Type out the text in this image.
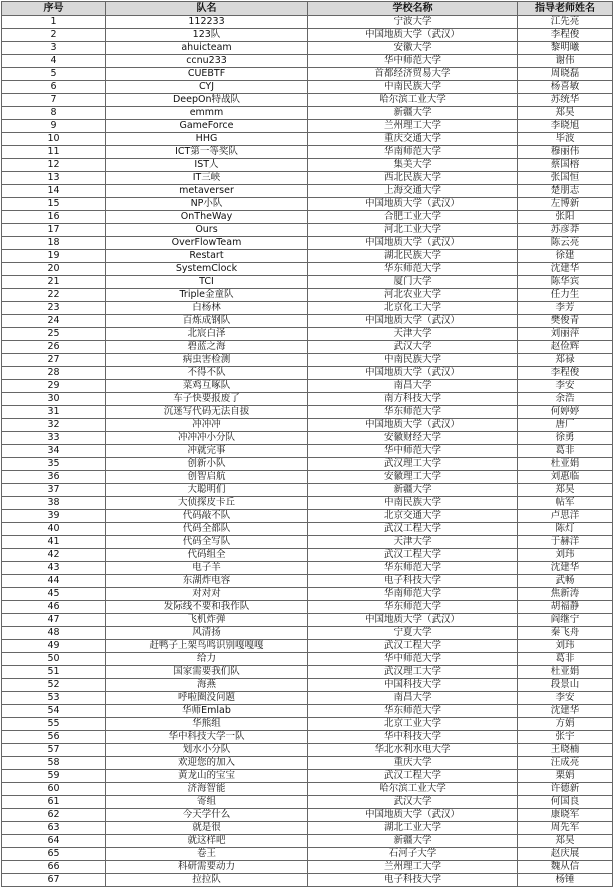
序号	队名	学校名称	指导老师姓名
1	112233	宁波大学	江先亮
2	123队	中国地质大学（武汉）	李程俊
3	ahuicteam	安徽大学	黎明曦
4	ccnu233	华中师范大学	谢伟
5	CUEBTF	首都经济贸易大学	周晓磊
6	CYJ	中南民族大学	杨喜敏
7	DeepOn特战队	哈尔滨工业大学	苏统华
8	emmm	新疆大学	郑昊
9	GameForce	兰州理工大学	李晓旭
10	HHG	重庆交通大学	毕波
11	ICT第一等奖队	华南师范大学	穆丽伟
12	IST人	集美大学	蔡国榕
13	IT三峡	西北民族大学	张国恒
14	metaverser	上海交通大学	楚朋志
15	NP小队	中国地质大学（武汉）	左博新
16	OnTheWay	合肥工业大学	张阳
17	Ours	河北工业大学	苏彦莽
18	OverFlowTeam	中国地质大学（武汉）	陈云亮
19	Restart	湖北民族大学	徐建
20	SystemClock	华东师范大学	沈建华
21	TCI	厦门大学	陈华宾
22	Triple金童队	河北农业大学	任力生
23	白杨林	北京化工大学	李芳
24	百炼成钢队	中国地质大学（武汉）	樊俊青
25	北宸白泽	天津大学	刘丽萍
26	碧蓝之海	武汉大学	赵俭辉
27	病虫害检测	中南民族大学	郑禄
28	不得不队	中国地质大学（武汉）	李程俊
29	菜鸡互啄队	南昌大学	李安
30	车子快要报废了	南方科技大学	余浩
31	沉迷写代码无法自拔	华东师范大学	何婷婷
32	冲冲冲	中国地质大学（武汉）	唐厂
33	冲冲冲小分队	安徽财经大学	徐勇
34	冲就完事	华中师范大学	葛非
35	创新小队	武汉理工大学	杜亚娟
36	创智启航	安徽理工大学	刘惠临
37	大聪明们	新疆大学	郑昊
38	大侦探皮卡丘	中南民族大学	帖军
39	代码敲不队	北京交通大学	卢思洋
40	代码全都队	武汉工程大学	陈灯
41	代码全写队	天津大学	于赫洋
42	代码组全	武汉工程大学	刘玮
43	电子羊	华东师范大学	沈建华
44	东湖炸电容	电子科技大学	武畅
45	对对对	华南师范大学	焦新涛
46	发际线不要和我作队	华东师范大学	胡福静
47	飞机炸弹	中国地质大学（武汉）	阎继宁
48	风清扬	宁夏大学	秦飞舟
49	赶鸭子上架鸟鸣识别嘎嘎嘎	武汉工程大学	刘玮
50	给力	华中师范大学	葛非
51	国家需要我们队	武汉理工大学	杜亚娟
52	海燕	中国科技大学	段景山
53	呼啦圈没问题	南昌大学	李安
54	华师Emlab	华东师范大学	沈建华
55	华熊组	北京工业大学	方娟
56	华中科技大学一队	华中科技大学	张宇
57	划水小分队	华北水利水电大学	王晓楠
58	欢迎您的加入	重庆大学	汪成亮
59	黄龙山的宝宝	武汉工程大学	栗娟
60	济海智能	哈尔滨工业大学	许德新
61	寄组	武汉大学	何国良
62	今天学什么	中国地质大学（武汉）	康晓军
63	就是很	湖北工业大学	周先军
64	就这样吧	新疆大学	郑昊
65	卷王	石河子大学	赵庆展
66	科研需要动力	兰州理工大学	魏从信
67	拉拉队	电子科技大学	杨锤
